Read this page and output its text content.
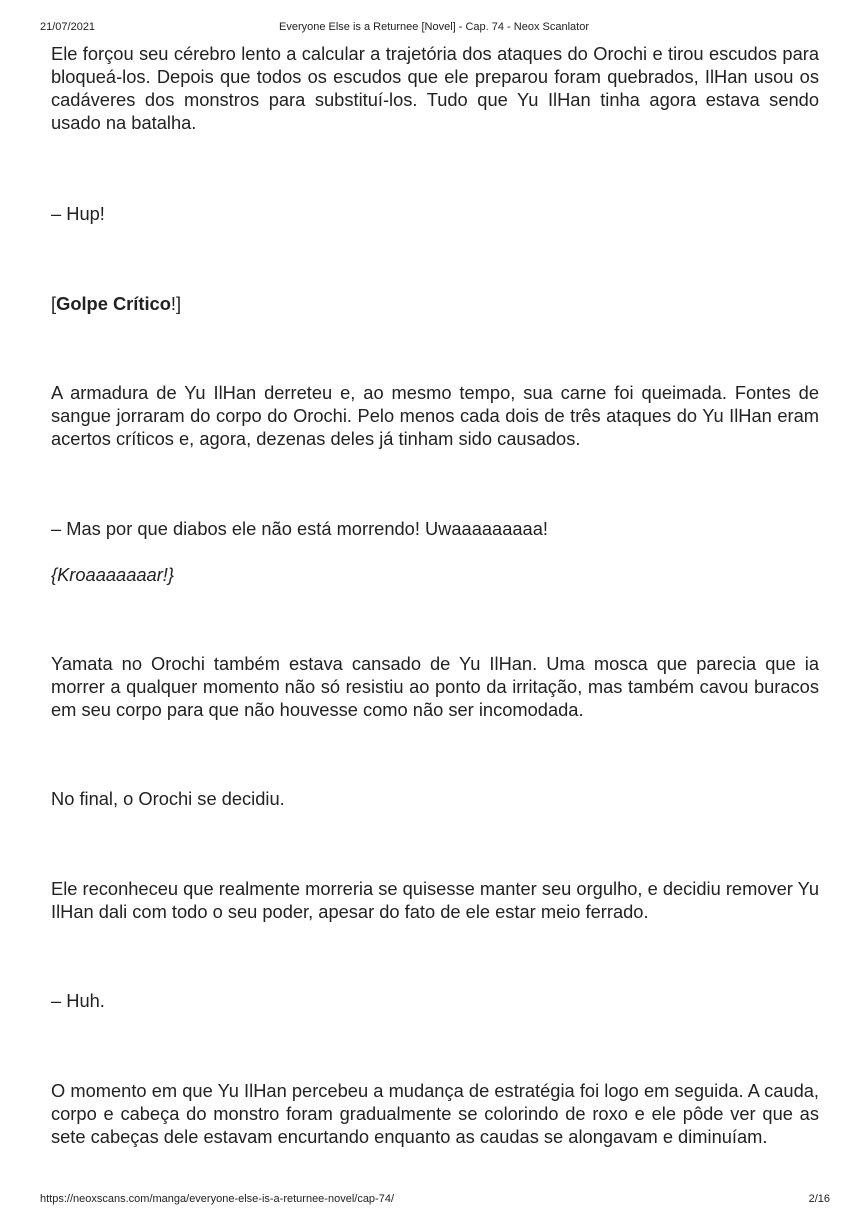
21/07/2021	Everyone Else is a Returnee [Novel] - Cap. 74 - Neox Scanlator

Ele forçou seu cérebro lento a calcular a trajetória dos ataques do Orochi e tirou escudos para bloqueá-los. Depois que todos os escudos que ele preparou foram quebrados, IlHan usou os cadáveres dos monstros para substituí-los. Tudo que Yu IlHan tinha agora estava sendo usado na batalha.

– Hup!

[Golpe Crítico!]

A armadura de Yu IlHan derreteu e, ao mesmo tempo, sua carne foi queimada. Fontes de sangue jorraram do corpo do Orochi. Pelo menos cada dois de três ataques do Yu IlHan eram acertos críticos e, agora, dezenas deles já tinham sido causados.

– Mas por que diabos ele não está morrendo! Uwaaaaaaaaa!

{Kroaaaaaaar!}

Yamata no Orochi também estava cansado de Yu IlHan. Uma mosca que parecia que ia morrer a qualquer momento não só resistiu ao ponto da irritação, mas também cavou buracos em seu corpo para que não houvesse como não ser incomodada.

No final, o Orochi se decidiu.

Ele reconheceu que realmente morreria se quisesse manter seu orgulho, e decidiu remover Yu IlHan dali com todo o seu poder, apesar do fato de ele estar meio ferrado.

– Huh.

O momento em que Yu IlHan percebeu a mudança de estratégia foi logo em seguida. A cauda, corpo e cabeça do monstro foram gradualmente se colorindo de roxo e ele pôde ver que as sete cabeças dele estavam encurtando enquanto as caudas se alongavam e diminuíam.

https://neoxscans.com/manga/everyone-else-is-a-returnee-novel/cap-74/	2/16
